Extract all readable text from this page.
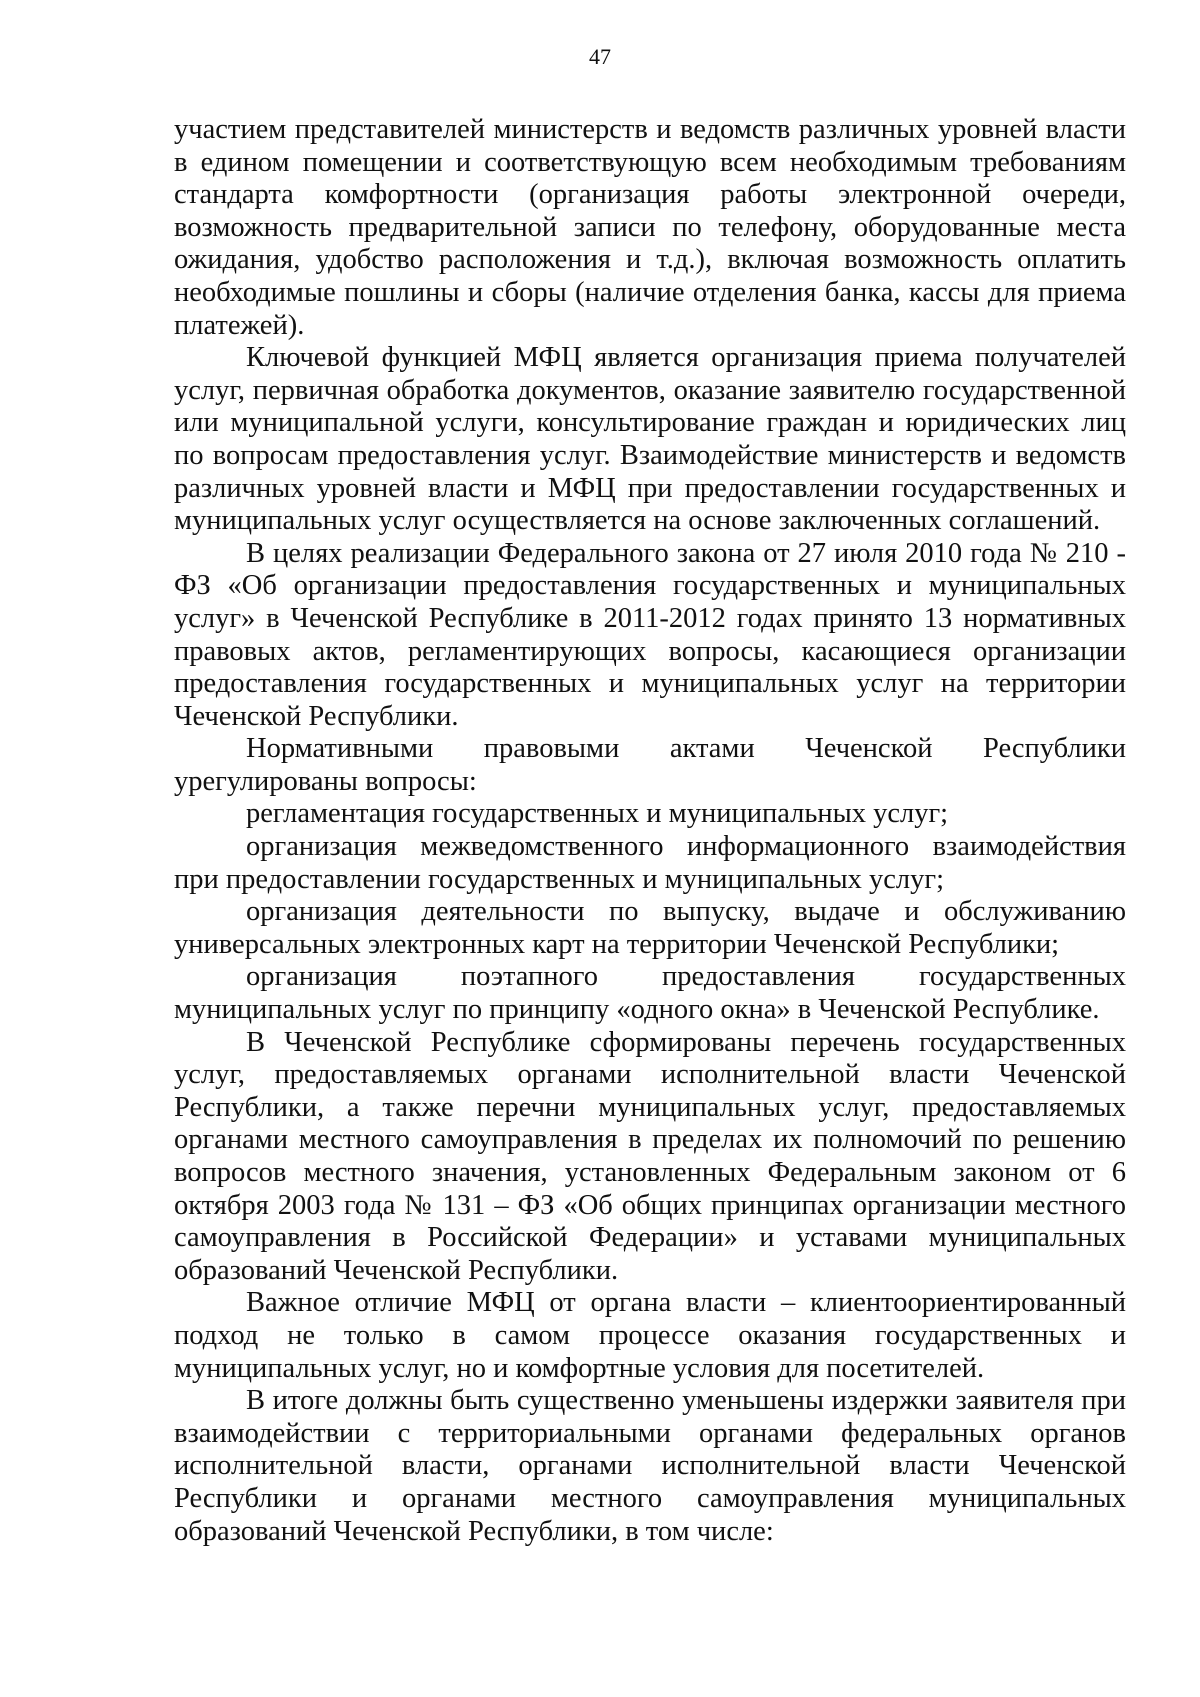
47

участием представителей министерств и ведомств различных уровней власти в едином помещении и соответствующую всем необходимым требованиям стандарта комфортности (организация работы электронной очереди, возможность предварительной записи по телефону, оборудованные места ожидания, удобство расположения и т.д.), включая возможность оплатить необходимые пошлины и сборы (наличие отделения банка, кассы для приема платежей).

Ключевой функцией МФЦ является организация приема получателей услуг, первичная обработка документов, оказание заявителю государственной или муниципальной услуги, консультирование граждан и юридических лиц по вопросам предоставления услуг. Взаимодействие министерств и ведомств различных уровней власти и МФЦ при предоставлении государственных и муниципальных услуг осуществляется на основе заключенных соглашений.

В целях реализации Федерального закона от 27 июля 2010 года № 210 - ФЗ «Об организации предоставления государственных и муниципальных услуг» в Чеченской Республике в 2011-2012 годах принято 13 нормативных правовых актов, регламентирующих вопросы, касающиеся организации предоставления государственных и муниципальных услуг на территории Чеченской Республики.

Нормативными правовыми актами Чеченской Республики урегулированы вопросы:

регламентация государственных и муниципальных услуг;

организация межведомственного информационного взаимодействия при предоставлении государственных и муниципальных услуг;

организация деятельности по выпуску, выдаче и обслуживанию универсальных электронных карт на территории Чеченской Республики;

организация поэтапного предоставления государственных муниципальных услуг по принципу «одного окна» в Чеченской Республике.

В Чеченской Республике сформированы перечень государственных услуг, предоставляемых органами исполнительной власти Чеченской Республики, а также перечни муниципальных услуг, предоставляемых органами местного самоуправления в пределах их полномочий по решению вопросов местного значения, установленных Федеральным законом от 6 октября 2003 года № 131 – ФЗ «Об общих принципах организации местного самоуправления в Российской Федерации» и уставами муниципальных образований Чеченской Республики.

Важное отличие МФЦ от органа власти – клиентоориентированный подход не только в самом процессе оказания государственных и муниципальных услуг, но и комфортные условия для посетителей.

В итоге должны быть существенно уменьшены издержки заявителя при взаимодействии с территориальными органами федеральных органов исполнительной власти, органами исполнительной власти Чеченской Республики и органами местного самоуправления муниципальных образований Чеченской Республики, в том числе:
